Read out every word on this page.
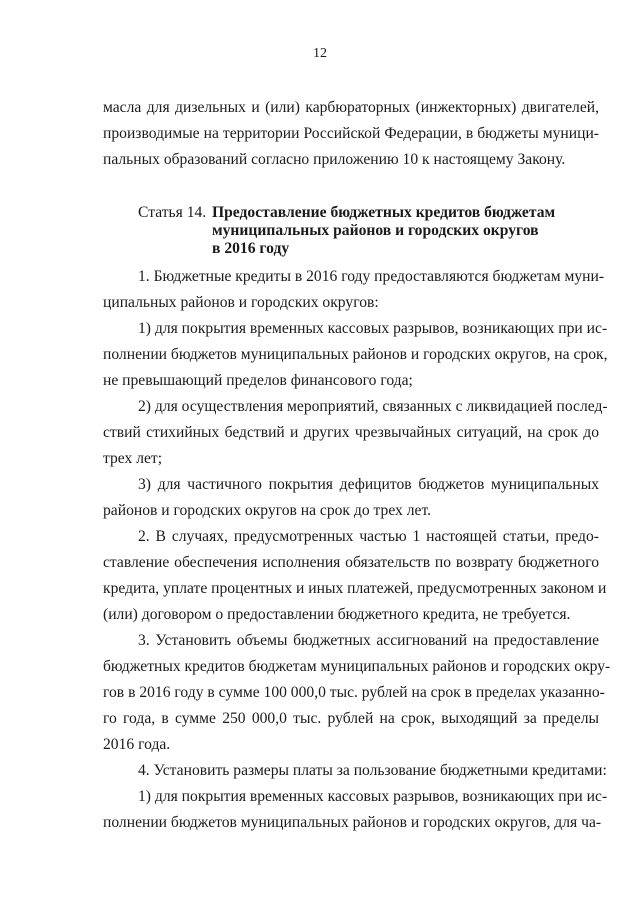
12
масла для дизельных и (или) карбюраторных (инжекторных) двигателей,
производимые на территории Российской Федерации, в бюджеты муници-
пальных образований согласно приложению 10 к настоящему Закону.
Статья 14. Предоставление бюджетных кредитов бюджетам
муниципальных районов и городских округов
в 2016 году
1. Бюджетные кредиты в 2016 году предоставляются бюджетам муни-
ципальных районов и городских округов:
1) для покрытия временных кассовых разрывов, возникающих при ис-
полнении бюджетов муниципальных районов и городских округов, на срок,
не превышающий пределов финансового года;
2) для осуществления мероприятий, связанных с ликвидацией послед-
ствий стихийных бедствий и других чрезвычайных ситуаций, на срок до
трех лет;
3) для частичного покрытия дефицитов бюджетов муниципальных
районов и городских округов на срок до трех лет.
2. В случаях, предусмотренных частью 1 настоящей статьи, предо-
ставление обеспечения исполнения обязательств по возврату бюджетного
кредита, уплате процентных и иных платежей, предусмотренных законом и
(или) договором о предоставлении бюджетного кредита, не требуется.
3. Установить объемы бюджетных ассигнований на предоставление
бюджетных кредитов бюджетам муниципальных районов и городских окру-
гов в 2016 году в сумме 100 000,0 тыс. рублей на срок в пределах указанно-
го года, в сумме 250 000,0 тыс. рублей на срок, выходящий за пределы
2016 года.
4. Установить размеры платы за пользование бюджетными кредитами:
1) для покрытия временных кассовых разрывов, возникающих при ис-
полнении бюджетов муниципальных районов и городских округов, для ча-
